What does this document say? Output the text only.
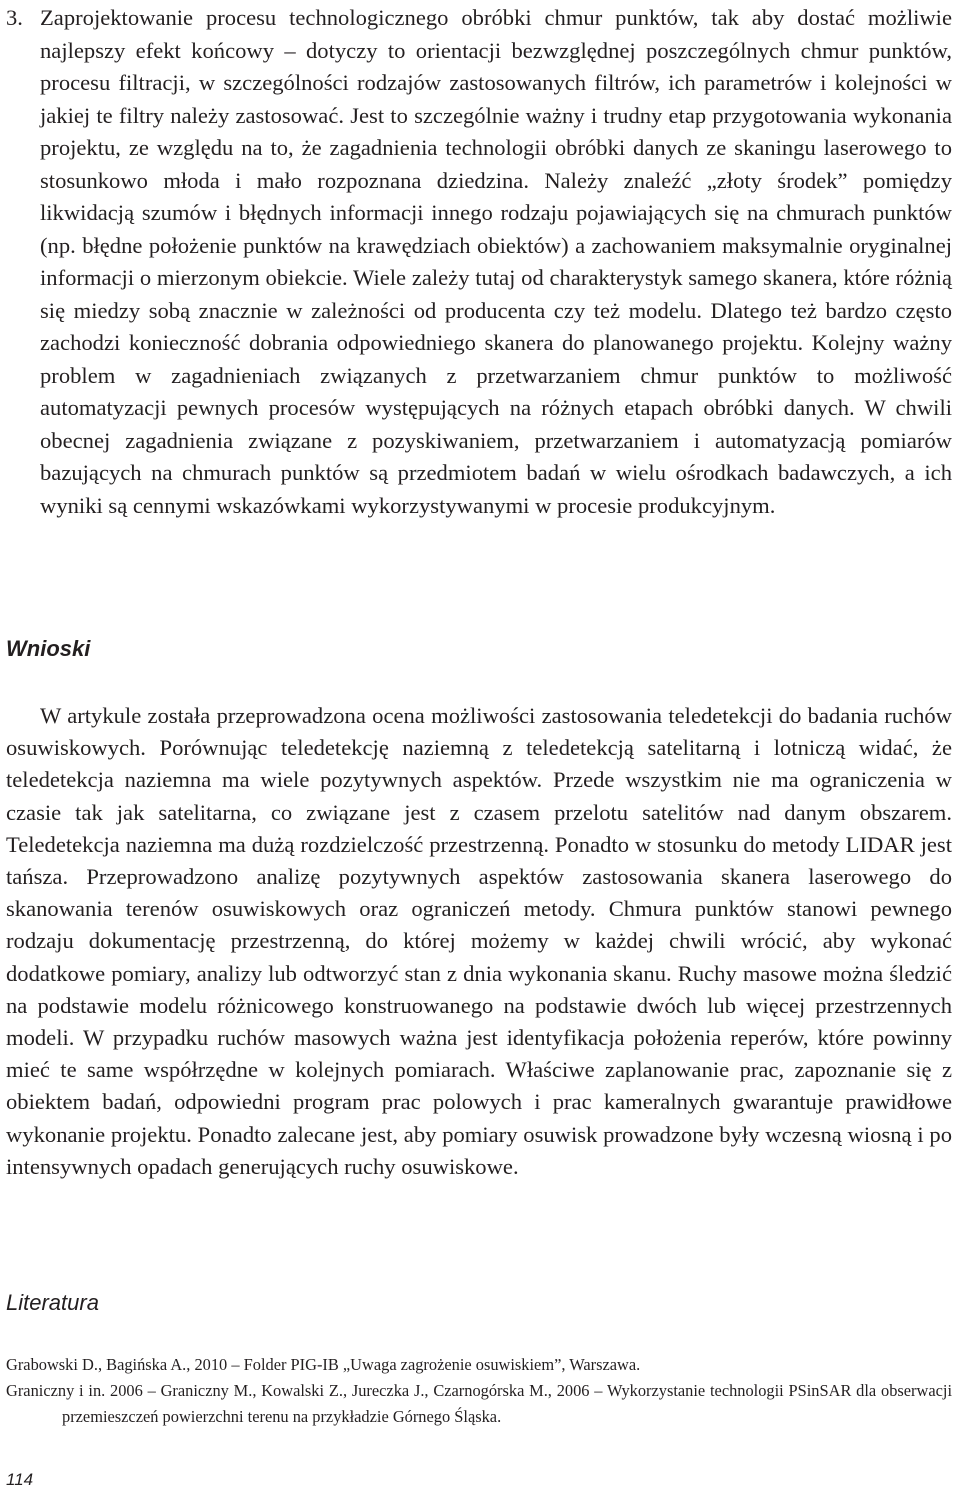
3. Zaprojektowanie procesu technologicznego obróbki chmur punktów, tak aby dostać możliwie najlepszy efekt końcowy – dotyczy to orientacji bezwzględnej poszczególnych chmur punktów, procesu filtracji, w szczególności rodzajów zastosowanych filtrów, ich parametrów i kolejności w jakiej te filtry należy zastosować. Jest to szczególnie ważny i trudny etap przygotowania wykonania projektu, ze względu na to, że zagadnienia technologii obróbki danych ze skaningu laserowego to stosunkowo młoda i mało rozpoznana dziedzina. Należy znaleźć „złoty środek” pomiędzy likwidacją szumów i błędnych informacji innego rodzaju pojawiających się na chmurach punktów (np. błędne położenie punktów na krawędziach obiektów) a zachowaniem maksymalnie oryginalnej informacji o mierzonym obiekcie. Wiele zależy tutaj od charakterystyk samego skanera, które różnią się miedzy sobą znacznie w zależności od producenta czy też modelu. Dlatego też bardzo często zachodzi konieczność dobrania odpowiedniego skanera do planowanego projektu. Kolejny ważny problem w zagadnieniach związanych z przetwarzaniem chmur punktów to możliwość automatyzacji pewnych procesów występujących na różnych etapach obróbki danych. W chwili obecnej zagadnienia związane z pozyskiwaniem, przetwarzaniem i automatyzacją pomiarów bazujących na chmurach punktów są przedmiotem badań w wielu ośrodkach badawczych, a ich wyniki są cennymi wskazówkami wykorzystywanymi w procesie produkcyjnym.
Wnioski

W artykule została przeprowadzona ocena możliwości zastosowania teledetekcji do badania ruchów osuwiskowych. Porównując teledetekcję naziemną z teledetekcją satelitarną i lotniczą widać, że teledetekcja naziemna ma wiele pozytywnych aspektów. Przede wszystkim nie ma ograniczenia w czasie tak jak satelitarna, co związane jest z czasem przelotu satelitów nad danym obszarem. Teledetekcja naziemna ma dużą rozdzielczość przestrzenną. Ponadto w stosunku do metody LIDAR jest tańsza. Przeprowadzono analizę pozytywnych aspektów zastosowania skanera laserowego do skanowania terenów osuwiskowych oraz ograniczeń metody. Chmura punktów stanowi pewnego rodzaju dokumentację przestrzenną, do której możemy w każdej chwili wrócić, aby wykonać dodatkowe pomiary, analizy lub odtworzyć stan z dnia wykonania skanu. Ruchy masowe można śledzić na podstawie modelu różnicowego konstruowanego na podstawie dwóch lub więcej przestrzennych modeli. W przypadku ruchów masowych ważna jest identyfikacja położenia reperów, które powinny mieć te same współrzędne w kolejnych pomiarach. Właściwe zaplanowanie prac, zapoznanie się z obiektem badań, odpowiedni program prac polowych i prac kameralnych gwarantuje prawidłowe wykonanie projektu. Ponadto zalecane jest, aby pomiary osuwisk prowadzone były wczesną wiosną i po intensywnych opadach generujących ruchy osuwiskowe.

Literatura
Grabowski D., Bagińska A., 2010 – Folder PIG-IB „Uwaga zagrożenie osuwiskiem”, Warszawa.
Graniczny i in. 2006 – Graniczny M., Kowalski Z., Jureczka J., Czarnogórska M., 2006 – Wykorzystanie technologii PSinSAR dla obserwacji przemieszczeń powierzchni terenu na przykładzie Górnego Śląska.

114
